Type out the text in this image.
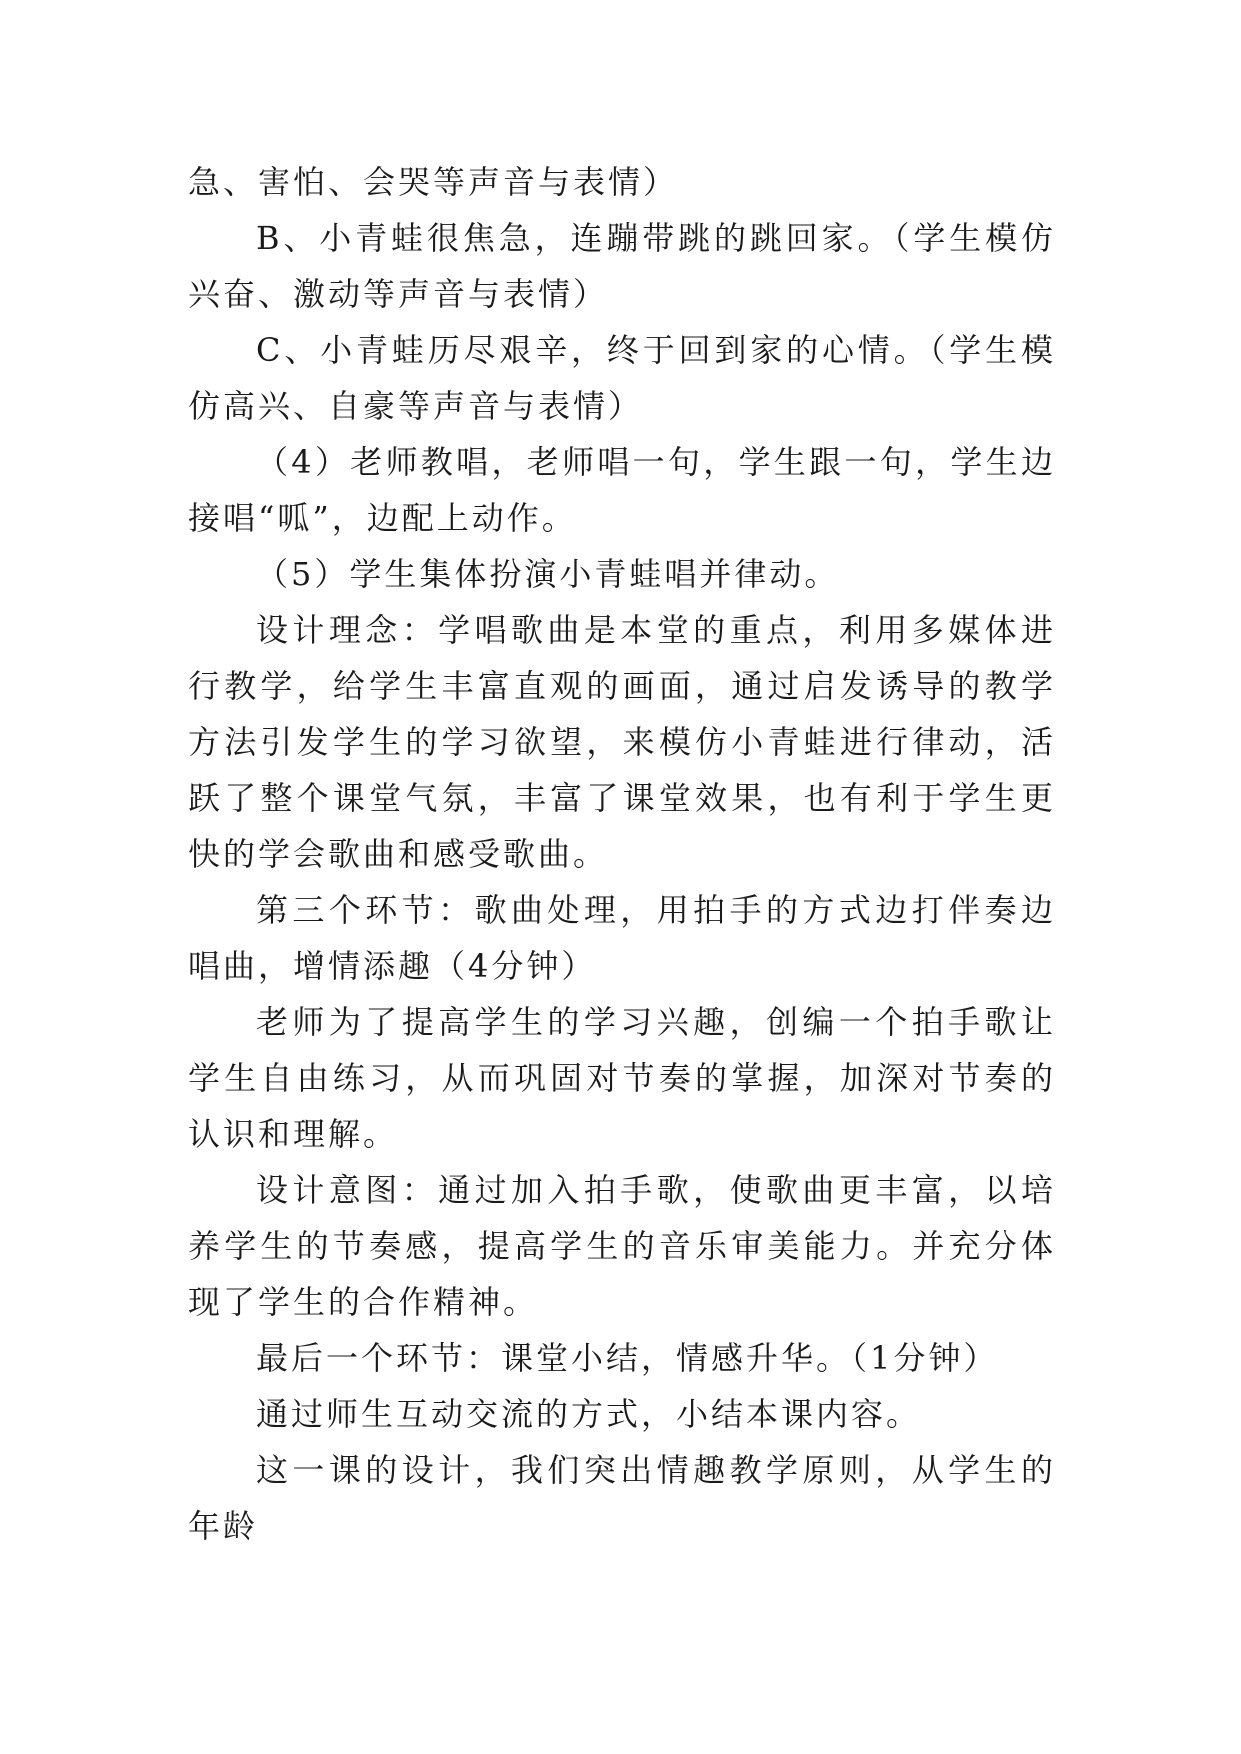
急、害怕、会哭等声音与表情）

B、小青蛙很焦急，连蹦带跳的跳回家。（学生模仿兴奋、激动等声音与表情）

C、小青蛙历尽艰辛，终于回到家的心情。（学生模仿高兴、自豪等声音与表情）

（4）老师教唱，老师唱一句，学生跟一句，学生边接唱“呱”，边配上动作。

（5）学生集体扮演小青蛙唱并律动。

设计理念：学唱歌曲是本堂的重点，利用多媒体进行教学，给学生丰富直观的画面，通过启发诱导的教学方法引发学生的学习欲望，来模仿小青蛙进行律动，活跃了整个课堂气氛，丰富了课堂效果，也有利于学生更快的学会歌曲和感受歌曲。

第三个环节：歌曲处理，用拍手的方式边打伴奏边唱曲，增情添趣（4分钟）

老师为了提高学生的学习兴趣，创编一个拍手歌让学生自由练习，从而巩固对节奏的掌握，加深对节奏的认识和理解。

设计意图：通过加入拍手歌，使歌曲更丰富，以培养学生的节奏感，提高学生的音乐审美能力。并充分体现了学生的合作精神。

最后一个环节：课堂小结，情感升华。（1分钟）

通过师生互动交流的方式，小结本课内容。

这一课的设计，我们突出情趣教学原则，从学生的年龄
